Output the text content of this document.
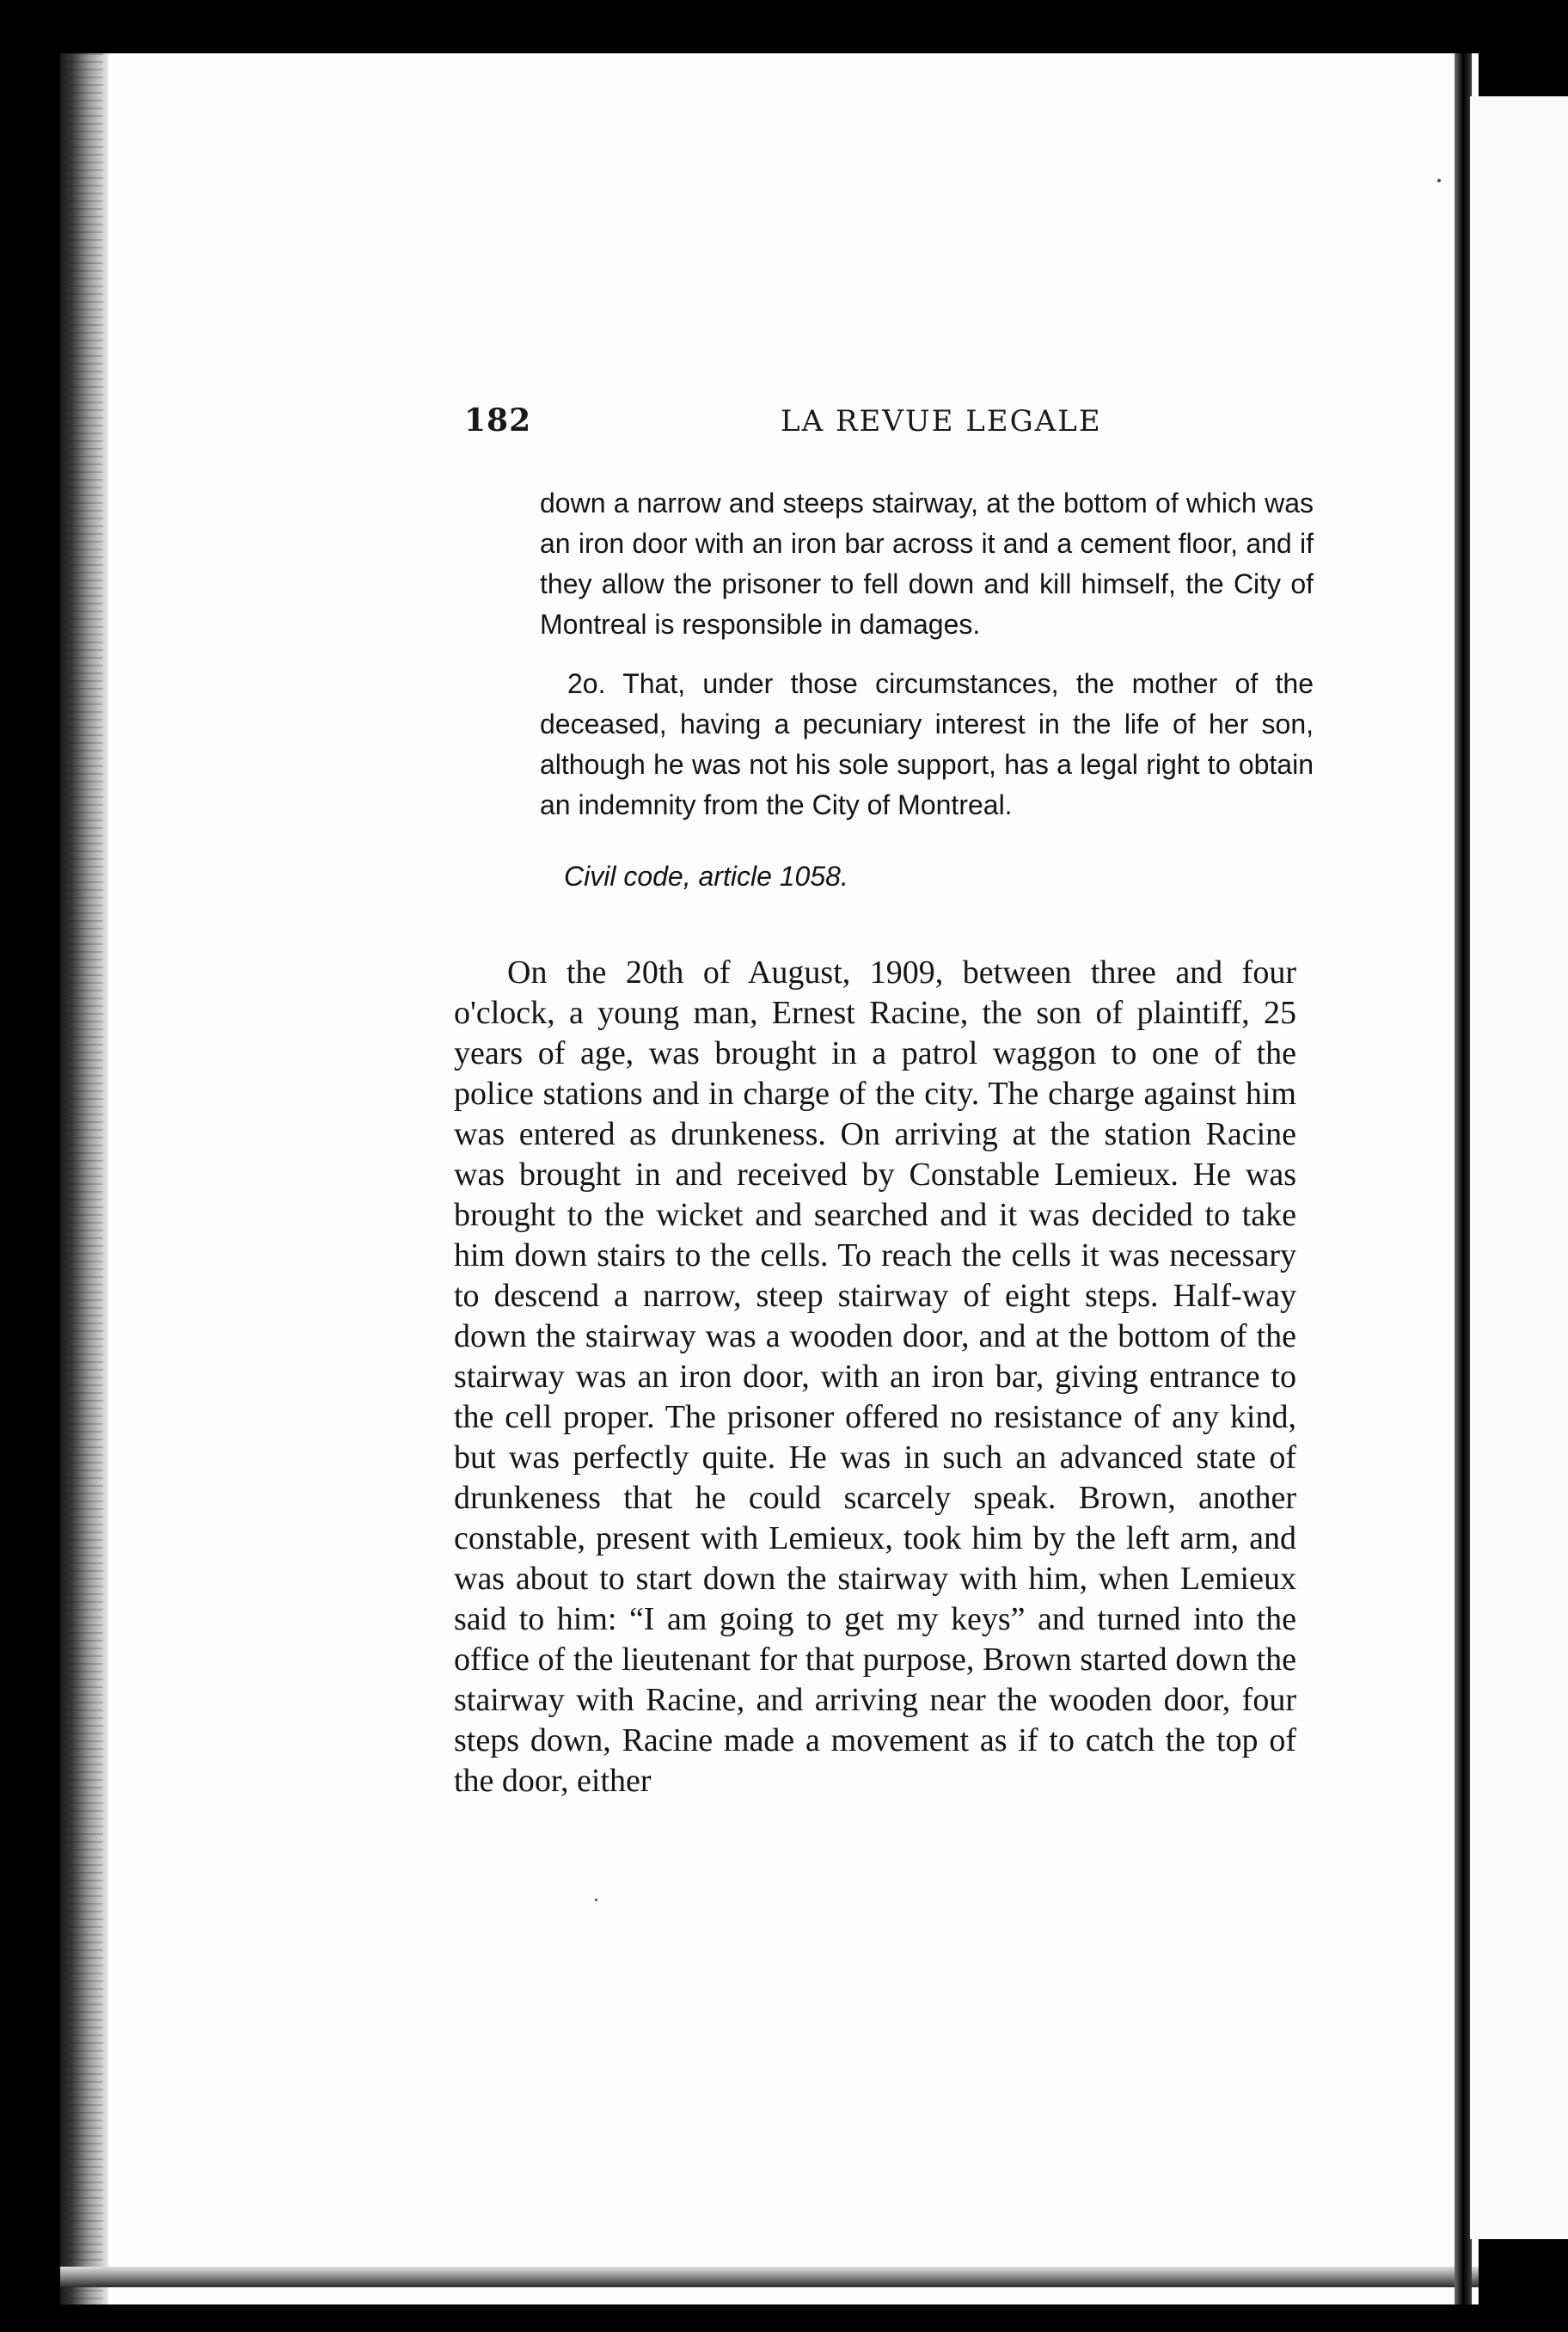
182	LA REVUE LEGALE

down a narrow and steeps stairway, at the bottom of which was an iron door with an iron bar across it and a cement floor, and if they allow the prisoner to fell down and kill himself, the City of Montreal is responsible in damages.

2o. That, under those circumstances, the mother of the deceased, having a pecuniary interest in the life of her son, although he was not his sole support, has a legal right to obtain an indemnity from the City of Montreal.

Civil code, article 1058.

On the 20th of August, 1909, between three and four o'clock, a young man, Ernest Racine, the son of plaintiff, 25 years of age, was brought in a patrol waggon to one of the police stations and in charge of the city. The charge against him was entered as drunkeness. On arriving at the station Racine was brought in and received by Constable Lemieux. He was brought to the wicket and searched and it was decided to take him down stairs to the cells. To reach the cells it was necessary to descend a narrow, steep stairway of eight steps. Half-way down the stairway was a wooden door, and at the bottom of the stairway was an iron door, with an iron bar, giving entrance to the cell proper. The prisoner offered no resistance of any kind, but was perfectly quite. He was in such an advanced state of drunkeness that he could scarcely speak. Brown, another constable, present with Lemieux, took him by the left arm, and was about to start down the stairway with him, when Lemieux said to him: “I am going to get my keys” and turned into the office of the lieutenant for that purpose, Brown started down the stairway with Racine, and arriving near the wooden door, four steps down, Racine made a movement as if to catch the top of the door, either
